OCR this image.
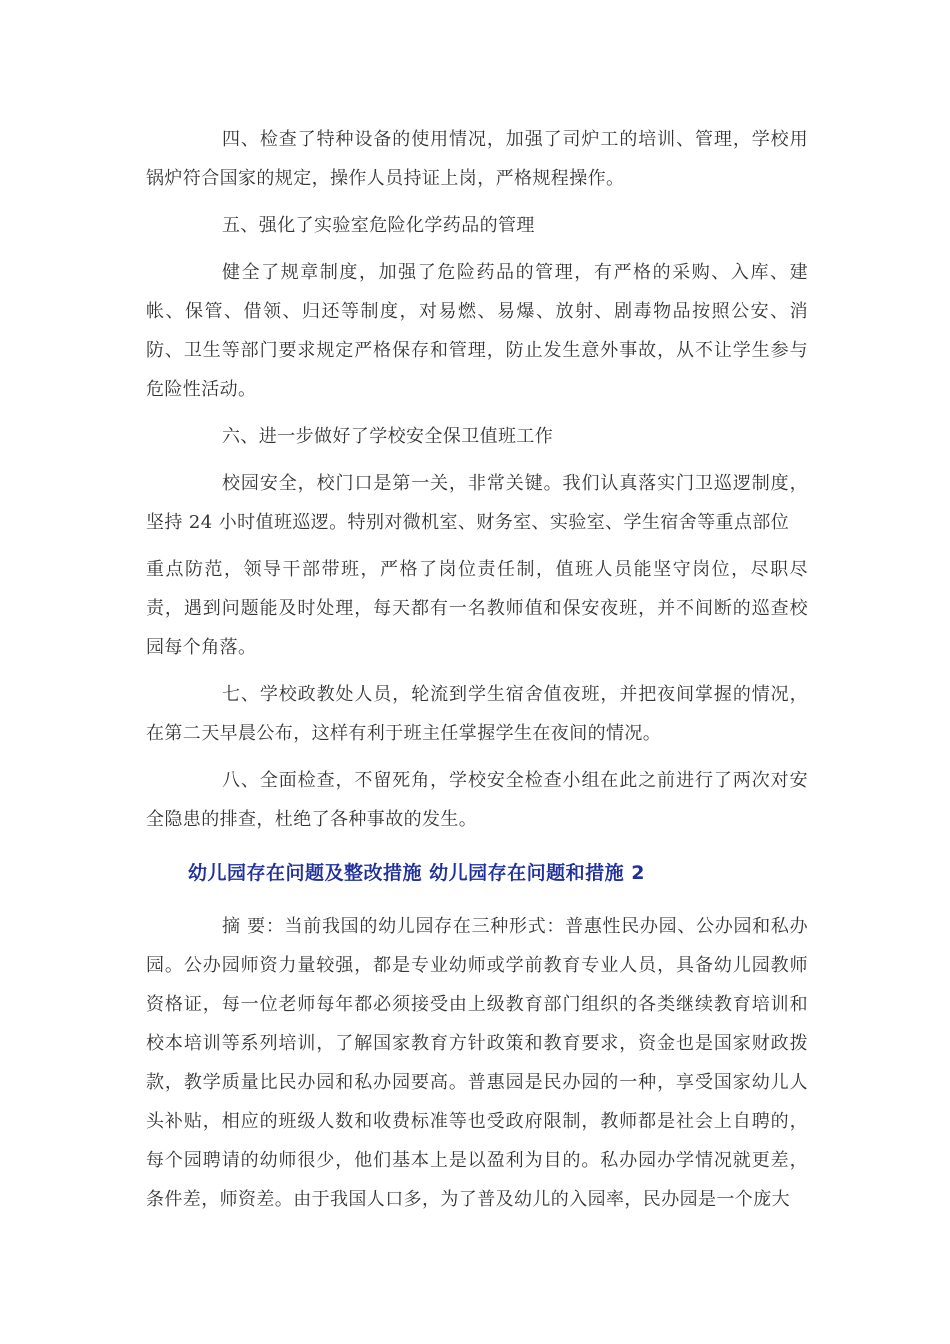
四、检查了特种设备的使用情况，加强了司炉工的培训、管理，学校用锅炉符合国家的规定，操作人员持证上岗，严格规程操作。

五、强化了实验室危险化学药品的管理

健全了规章制度，加强了危险药品的管理，有严格的采购、入库、建帐、保管、借领、归还等制度，对易燃、易爆、放射、剧毒物品按照公安、消防、卫生等部门要求规定严格保存和管理，防止发生意外事故，从不让学生参与危险性活动。

六、进一步做好了学校安全保卫值班工作

校园安全，校门口是第一关，非常关键。我们认真落实门卫巡逻制度，坚持 24 小时值班巡逻。特别对微机室、财务室、实验室、学生宿舍等重点部位

重点防范，领导干部带班，严格了岗位责任制，值班人员能坚守岗位，尽职尽责，遇到问题能及时处理，每天都有一名教师值和保安夜班，并不间断的巡查校园每个角落。

七、学校政教处人员，轮流到学生宿舍值夜班，并把夜间掌握的情况，在第二天早晨公布，这样有利于班主任掌握学生在夜间的情况。

八、全面检查，不留死角，学校安全检查小组在此之前进行了两次对安全隐患的排查，杜绝了各种事故的发生。

幼儿园存在问题及整改措施 幼儿园存在问题和措施 2

摘 要：当前我国的幼儿园存在三种形式：普惠性民办园、公办园和私办园。公办园师资力量较强，都是专业幼师或学前教育专业人员，具备幼儿园教师资格证，每一位老师每年都必须接受由上级教育部门组织的各类继续教育培训和校本培训等系列培训，了解国家教育方针政策和教育要求，资金也是国家财政拨款，教学质量比民办园和私办园要高。普惠园是民办园的一种，享受国家幼儿人头补贴，相应的班级人数和收费标准等也受政府限制，教师都是社会上自聘的，每个园聘请的幼师很少，他们基本上是以盈利为目的。私办园办学情况就更差，条件差，师资差。由于我国人口多，为了普及幼儿的入园率，民办园是一个庞大
